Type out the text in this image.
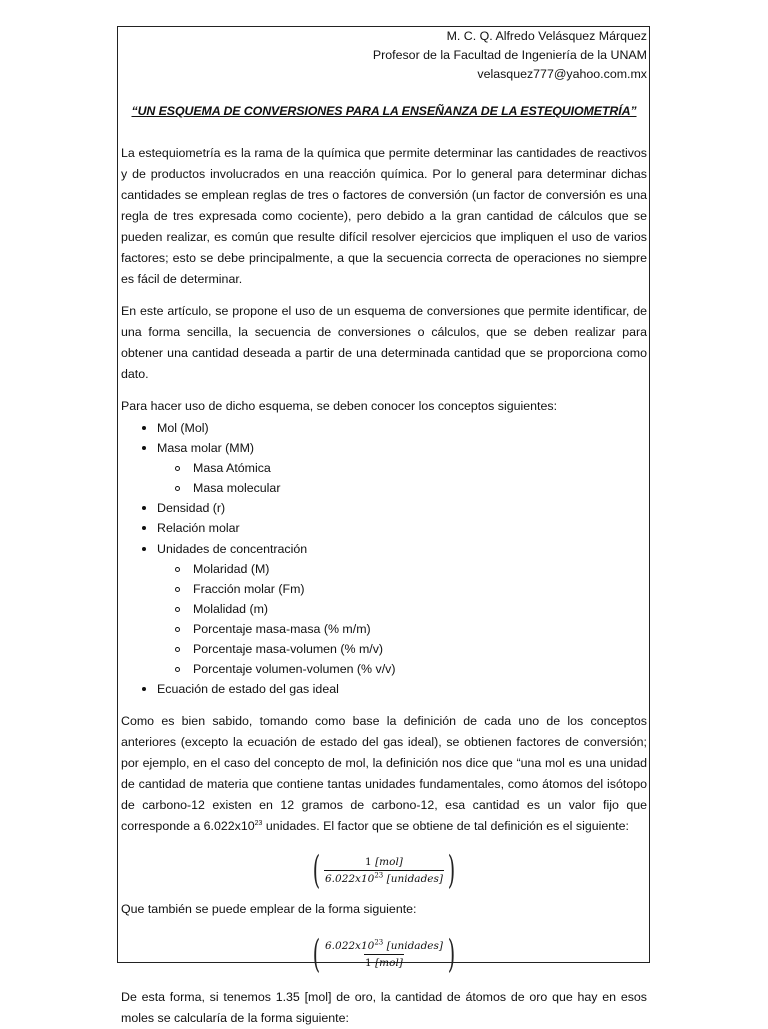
M. C. Q. Alfredo Velásquez Márquez
Profesor de la Facultad de Ingeniería de la UNAM
velasquez777@yahoo.com.mx
“UN ESQUEMA DE CONVERSIONES PARA LA ENSEÑANZA DE LA ESTEQUIOMETRÍA”

La estequiometría es la rama de la química que permite determinar las cantidades de reactivos y de productos involucrados en una reacción química. Por lo general para determinar dichas cantidades se emplean reglas de tres o factores de conversión (un factor de conversión es una regla de tres expresada como cociente), pero debido a la gran cantidad de cálculos que se pueden realizar, es común que resulte difícil resolver ejercicios que impliquen el uso de varios factores; esto se debe principalmente, a que la secuencia correcta de operaciones no siempre es fácil de determinar.

En este artículo, se propone el uso de un esquema de conversiones que permite identificar, de una forma sencilla, la secuencia de conversiones o cálculos, que se deben realizar para obtener una cantidad deseada a partir de una determinada cantidad que se proporciona como dato.

Para hacer uso de dicho esquema, se deben conocer los conceptos siguientes:

Mol (Mol)
Masa molar (MM)
Masa Atómica
Masa molecular
Densidad (r)
Relación molar
Unidades de concentración
Molaridad (M)
Fracción molar (Fm)
Molalidad (m)
Porcentaje masa-masa (% m/m)
Porcentaje masa-volumen (% m/v)
Porcentaje volumen-volumen (% v/v)
Ecuación de estado del gas ideal

Como es bien sabido, tomando como base la definición de cada uno de los conceptos anteriores (excepto la ecuación de estado del gas ideal), se obtienen factores de conversión; por ejemplo, en el caso del concepto de mol, la definición nos dice que “una mol es una unidad de cantidad de materia que contiene tantas unidades fundamentales, como átomos del isótopo de carbono-12 existen en 12 gramos de carbono-12, esa cantidad es un valor fijo que corresponde a $6.022x10^{23}$ unidades. El factor que se obtiene de tal definición es el siguiente:

( $\frac{\text{1 [mol]}}{6.022x10^{23} [unidades]}$ )

Que también se puede emplear de la forma siguiente:

( $\frac{6.022x10^{23} [unidades]}{\text{1 [mol]}}$ )

De esta forma, si tenemos 1.35 [mol] de oro, la cantidad de átomos de oro que hay en esos moles se calcularía de la forma siguiente:
